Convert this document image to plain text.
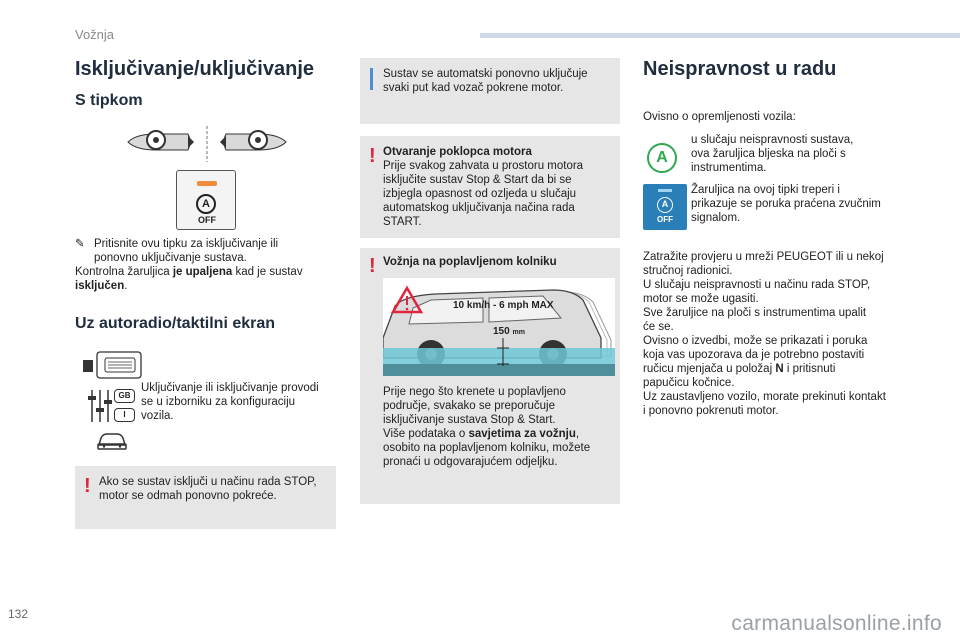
Vožnja
Isključivanje/uključivanje
S tipkom
A
OFF
✎ Pritisnite ovu tipku za isključivanje ili
ponovno uključivanje sustava.
Kontrolna žaruljica je upaljena kad je sustav
isključen.
Uz autoradio/taktilni ekran
GB
I
Uključivanje ili isključivanje provodi
se u izborniku za konfiguraciju
vozila.
! Ako se sustav isključi u načinu rada STOP,
motor se odmah ponovno pokreće.
Sustav se automatski ponovno uključuje
svaki put kad vozač pokrene motor.
! Otvaranje poklopca motora
Prije svakog zahvata u prostoru motora
isključite sustav Stop & Start da bi se
izbjegla opasnost od ozljeda u slučaju
automatskog uključivanja načina rada
START.
! Vožnja na poplavljenom kolniku
10 km/h - 6 mph MAX
150 mm
Prije nego što krenete u poplavljeno
područje, svakako se preporučuje
isključivanje sustava Stop & Start.
Više podataka o savjetima za vožnju,
osobito na poplavljenom kolniku, možete
pronaći u odgovarajućem odjeljku.
Neispravnost u radu
Ovisno o opremljenosti vozila:
A
u slučaju neispravnosti sustava,
ova žaruljica bljeska na ploči s
instrumentima.
A
OFF
Žaruljica na ovoj tipki treperi i
prikazuje se poruka praćena zvučnim
signalom.
Zatražite provjeru u mreži PEUGEOT ili u nekoj
stručnoj radionici.
U slučaju neispravnosti u načinu rada STOP,
motor se može ugasiti.
Sve žaruljice na ploči s instrumentima upalit
će se.
Ovisno o izvedbi, može se prikazati i poruka
koja vas upozorava da je potrebno postaviti
ručicu mjenjača u položaj N i pritisnuti
papučicu kočnice.
Uz zaustavljeno vozilo, morate prekinuti kontakt
i ponovno pokrenuti motor.
132	carmanualsonline.info
